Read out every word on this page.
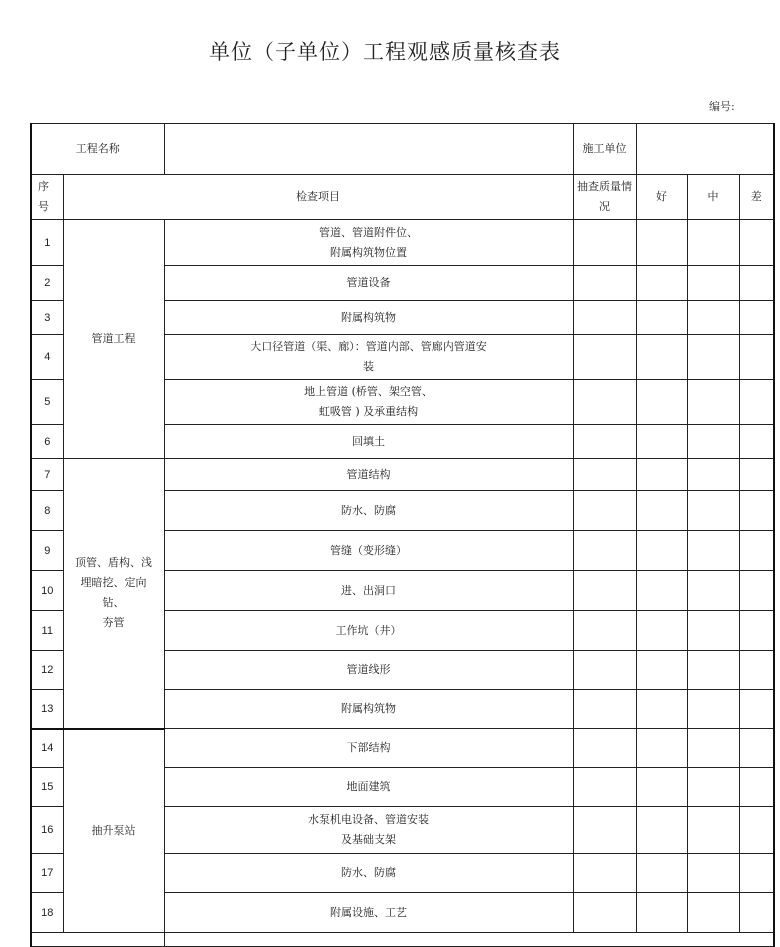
单位（子单位）工程观感质量核查表
编号:
工程名称			施工单位			

序
号	检查项目		抽查质量情况	好	中	差
1	管道工程	管道、管道附件位、
附属构筑物位置				

2		管道设备				
3		附属构筑物				
4		大口径管道（渠、廊）：管道内部、管廊内管道安
装				

5		地上管道 (桥管、架空管、
虹吸管 ) 及承重结构				

6		回填土				
7	顶管、盾构、浅
埋暗挖、定向
钻、
夯管	管道结构				
8		防水、防腐				
9		管缝（变形缝）				
10		进、出洞口				
11		工作坑（井）				
12		管道线形				
13		附属构筑物				
14	抽升泵站	下部结构				
15		地面建筑				
16		水泵机电设备、管道安装
及基础支架				

17		防水、防腐				
18		附属设施、工艺				
